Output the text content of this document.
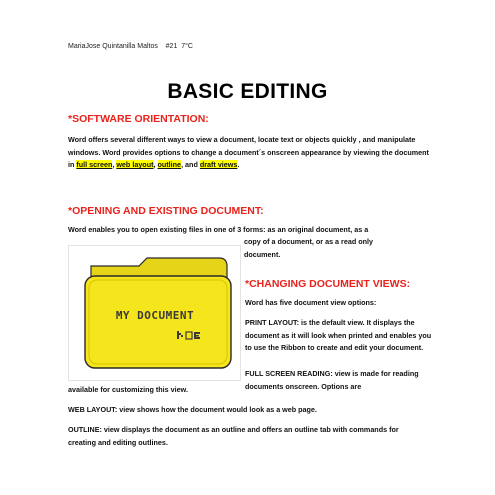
MariaJose Quintanilla Maltos    #21  7°C
BASIC EDITING
*SOFTWARE ORIENTATION:
Word offers several different ways to view a document, locate text or objects quickly , and manipulate windows. Word provides options to change a document´s onscreen appearance by viewing the document in full screen, web layout, outline, and draft views.
*OPENING AND EXISTING DOCUMENT:
Word enables you to open existing files in one of 3 forms: as an original document, as a
copy of a document, or as a read only
document.
MY DOCUMENT
*CHANGING DOCUMENT VIEWS:
Word has five document view options:
PRINT LAYOUT: is the default view. It displays the document as it will look when printed and enables you to use the Ribbon to create and edit your document.
FULL SCREEN READING: view is made for reading documents onscreen. Options are
available for customizing this view.
WEB LAYOUT: view shows how the document would look as a web page.
OUTLINE: view displays the document as an outline and offers an outline tab with commands for creating and editing outlines.
